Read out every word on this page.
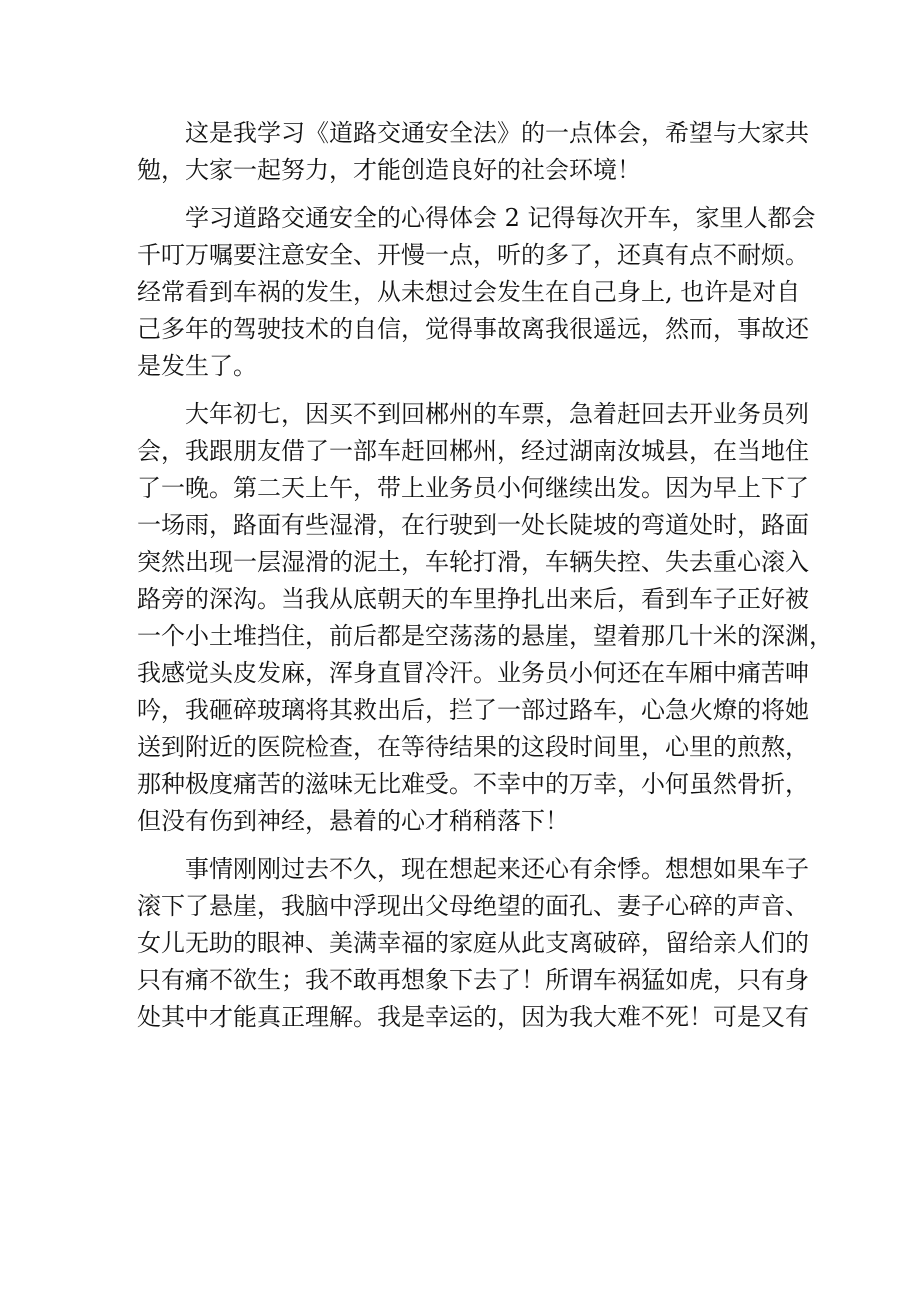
这是我学习《道路交通安全法》的一点体会，希望与大家共
勉，大家一起努力，才能创造良好的社会环境！

学习道路交通安全的心得体会 2 记得每次开车，家里人都会
千叮万嘱要注意安全、开慢一点，听的多了，还真有点不耐烦。
经常看到车祸的发生，从未想过会发生在自己身上, 也许是对自
己多年的驾驶技术的自信，觉得事故离我很遥远，然而，事故还
是发生了。

大年初七，因买不到回郴州的车票，急着赶回去开业务员列
会，我跟朋友借了一部车赶回郴州，经过湖南汝城县，在当地住
了一晚。第二天上午，带上业务员小何继续出发。因为早上下了
一场雨，路面有些湿滑，在行驶到一处长陡坡的弯道处时，路面
突然出现一层湿滑的泥土，车轮打滑，车辆失控、失去重心滚入
路旁的深沟。当我从底朝天的车里挣扎出来后，看到车子正好被
一个小土堆挡住，前后都是空荡荡的悬崖，望着那几十米的深渊，
我感觉头皮发麻，浑身直冒冷汗。业务员小何还在车厢中痛苦呻
吟，我砸碎玻璃将其救出后，拦了一部过路车，心急火燎的将她
送到附近的医院检查，在等待结果的这段时间里，心里的煎熬，
那种极度痛苦的滋味无比难受。不幸中的万幸，小何虽然骨折，
但没有伤到神经，悬着的心才稍稍落下！

事情刚刚过去不久，现在想起来还心有余悸。想想如果车子
滚下了悬崖，我脑中浮现出父母绝望的面孔、妻子心碎的声音、
女儿无助的眼神、美满幸福的家庭从此支离破碎，留给亲人们的
只有痛不欲生；我不敢再想象下去了！所谓车祸猛如虎，只有身
处其中才能真正理解。我是幸运的，因为我大难不死！可是又有
